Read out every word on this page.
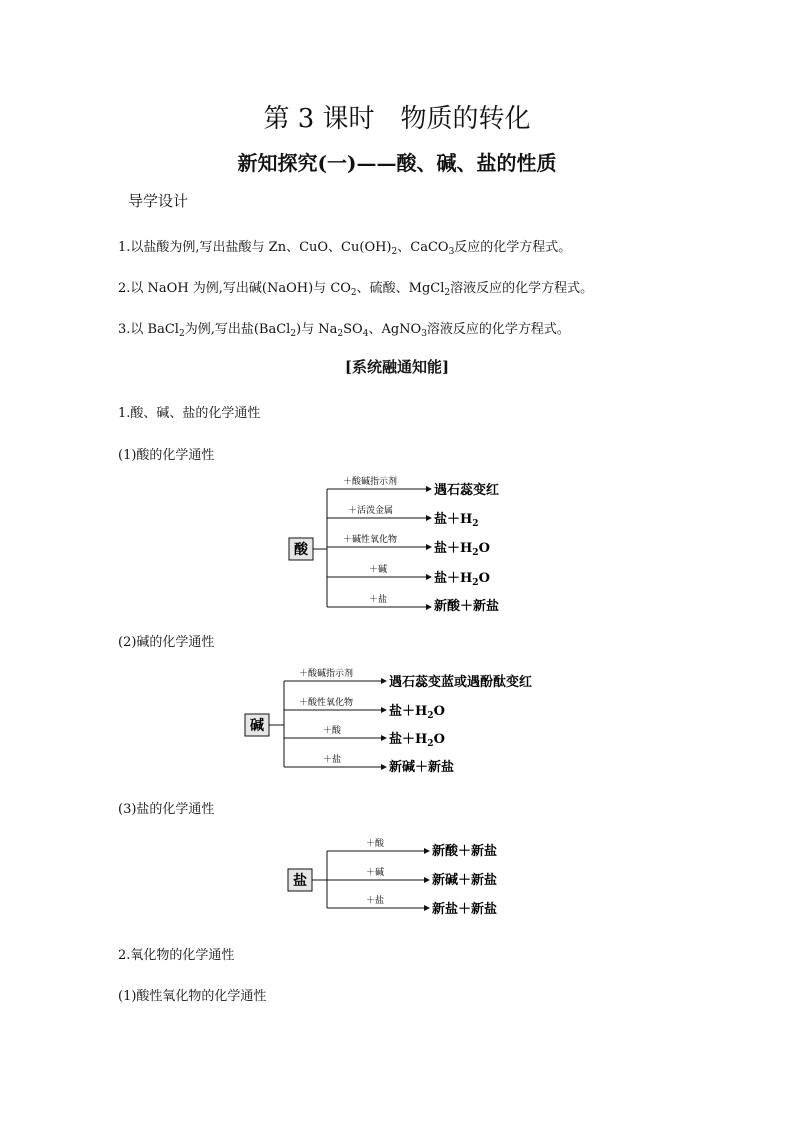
第 3 课时　物质的转化
新知探究(一)——酸、碱、盐的性质
导学设计
1.以盐酸为例,写出盐酸与 Zn、CuO、$Cu(OH)_2$、CaCO$_3$反应的化学方程式。
2.以 NaOH 为例,写出碱(NaOH)与 $CO_2$、硫酸、MgCl$_2$溶液反应的化学方程式。
3.以 BaCl$_2$为例,写出盐(BaCl$_2$)与 $Na_2SO_4$、AgNO$_3$溶液反应的化学方程式。
[系统融通知能]
1.酸、碱、盐的化学通性
(1)酸的化学通性
(2)碱的化学通性
(3)盐的化学通性
2.氧化物的化学通性
(1)酸性氧化物的化学通性
酸
＋酸碱指示剂
遇石蕊变红
＋活泼金属
盐$+H_2$
＋碱性氧化物
盐$+H_2O$
＋碱
盐$+H_2O$
＋盐	新酸＋新盐
碱
＋酸碱指示剂
遇石蕊变蓝或遇酚酞变红
＋酸性氧化物
盐$+H_2O$
＋酸
盐$+H_2O$
＋盐	新碱＋新盐
盐
＋酸	新酸＋新盐
＋碱	新碱＋新盐
＋盐
新盐＋新盐
